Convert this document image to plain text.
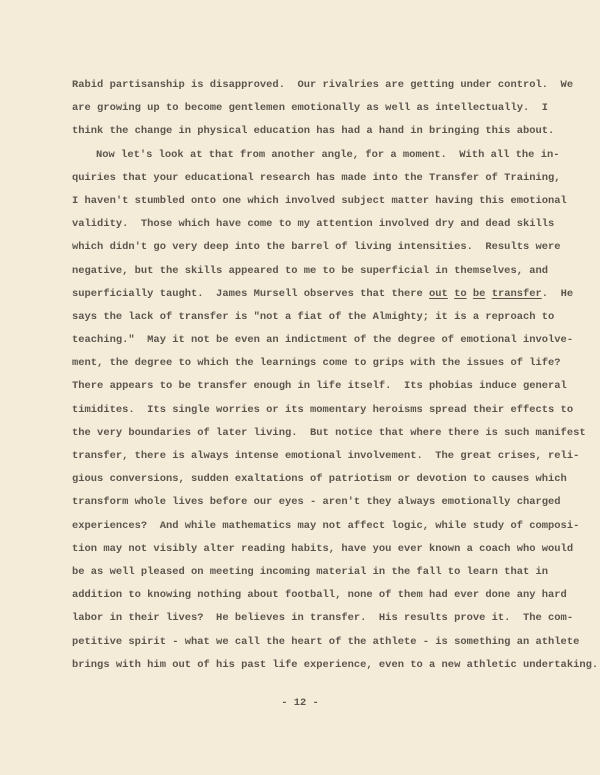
Rabid partisanship is disapproved.  Our rivalries are getting under control.  We
are growing up to become gentlemen emotionally as well as intellectually.  I
think the change in physical education has had a hand in bringing this about.
Now let's look at that from another angle, for a moment.  With all the in-
quiries that your educational research has made into the Transfer of Training,
I haven't stumbled onto one which involved subject matter having this emotional
validity.  Those which have come to my attention involved dry and dead skills
which didn't go very deep into the barrel of living intensities.  Results were
negative, but the skills appeared to me to be superficial in themselves, and
superficially taught.  James Mursell observes that there out to be transfer.  He
says the lack of transfer is "not a fiat of the Almighty; it is a reproach to
teaching."  May it not be even an indictment of the degree of emotional involve-
ment, the degree to which the learnings come to grips with the issues of life?
There appears to be transfer enough in life itself.  Its phobias induce general
timidites.  Its single worries or its momentary heroisms spread their effects to
the very boundaries of later living.  But notice that where there is such manifest
transfer, there is always intense emotional involvement.  The great crises, reli-
gious conversions, sudden exaltations of patriotism or devotion to causes which
transform whole lives before our eyes - aren't they always emotionally charged
experiences?  And while mathematics may not affect logic, while study of composi-
tion may not visibly alter reading habits, have you ever known a coach who would
be as well pleased on meeting incoming material in the fall to learn that in
addition to knowing nothing about football, none of them had ever done any hard
labor in their lives?  He believes in transfer.  His results prove it.  The com-
petitive spirit - what we call the heart of the athlete - is something an athlete
brings with him out of his past life experience, even to a new athletic undertaking.
- 12 -
